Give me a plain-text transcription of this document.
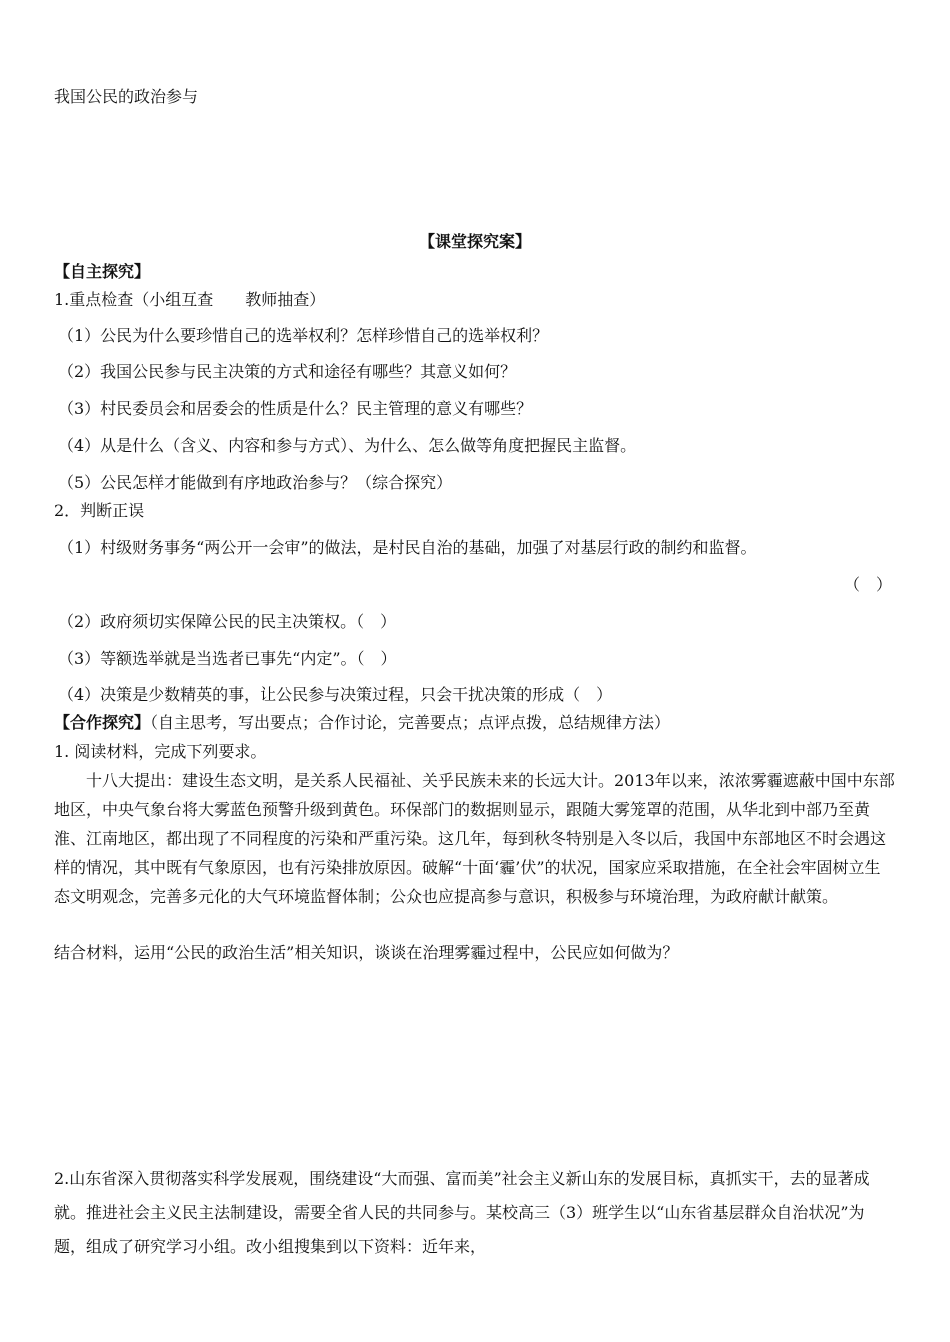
我国公民的政治参与
【课堂探究案】
【自主探究】
1.重点检查（小组互查　　教师抽查）
（1）公民为什么要珍惜自己的选举权利？怎样珍惜自己的选举权利？
（2）我国公民参与民主决策的方式和途径有哪些？其意义如何？
（3）村民委员会和居委会的性质是什么？民主管理的意义有哪些？
（4）从是什么（含义、内容和参与方式）、为什么、怎么做等角度把握民主监督。
（5）公民怎样才能做到有序地政治参与？（综合探究）
2．判断正误
（1）村级财务事务“两公开一会审”的做法，是村民自治的基础，加强了对基层行政的制约和监督。
（　）
（2）政府须切实保障公民的民主决策权。（　）
（3）等额选举就是当选者已事先“内定”。（　）
（4）决策是少数精英的事，让公民参与决策过程，只会干扰决策的形成（　）
【合作探究】（自主思考，写出要点；合作讨论，完善要点；点评点拨，总结规律方法）
1. 阅读材料，完成下列要求。
十八大提出：建设生态文明，是关系人民福祉、关乎民族未来的长远大计。2013年以来，浓浓雾霾遮蔽中国中东部地区，中央气象台将大雾蓝色预警升级到黄色。环保部门的数据则显示，跟随大雾笼罩的范围，从华北到中部乃至黄淮、江南地区，都出现了不同程度的污染和严重污染。这几年，每到秋冬特别是入冬以后，我国中东部地区不时会遇这样的情况，其中既有气象原因，也有污染排放原因。破解“十面‘霾’伏”的状况，国家应采取措施，在全社会牢固树立生态文明观念，完善多元化的大气环境监督体制；公众也应提高参与意识，积极参与环境治理，为政府献计献策。
结合材料，运用“公民的政治生活”相关知识，谈谈在治理雾霾过程中，公民应如何做为？
2.山东省深入贯彻落实科学发展观，围绕建设“大而强、富而美”社会主义新山东的发展目标，真抓实干，去的显著成就。推进社会主义民主法制建设，需要全省人民的共同参与。某校高三（3）班学生以“山东省基层群众自治状况”为题，组成了研究学习小组。改小组搜集到以下资料：近年来，
